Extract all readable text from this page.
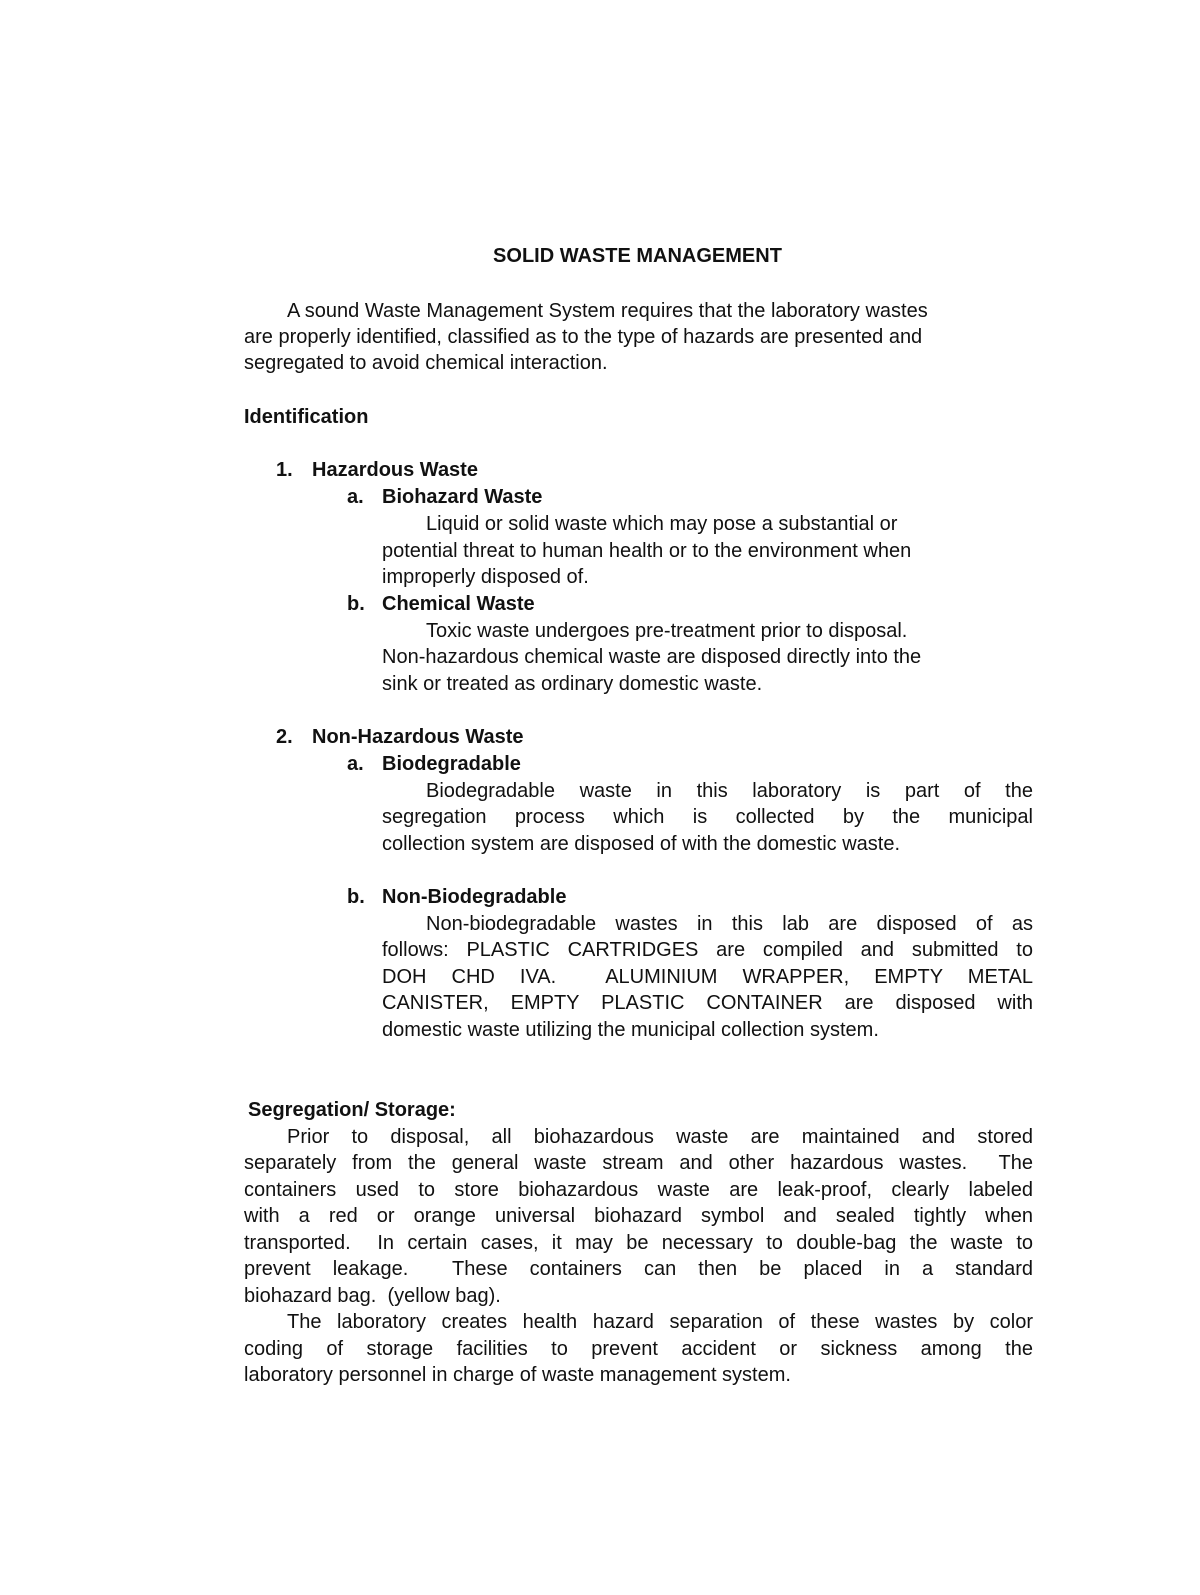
SOLID WASTE MANAGEMENT
A sound Waste Management System requires that the laboratory wastes
are properly identified, classified as to the type of hazards are presented and
segregated to avoid chemical interaction.
Identification
1. Hazardous Waste
a. Biohazard Waste
Liquid or solid waste which may pose a substantial or
potential threat to human health or to the environment when
improperly disposed of.
b. Chemical Waste
Toxic waste undergoes pre-treatment prior to disposal.
Non-hazardous chemical waste are disposed directly into the
sink or treated as ordinary domestic waste.
2. Non-Hazardous Waste
a. Biodegradable
Biodegradable waste in this laboratory is part of the
segregation process which is collected by the municipal
collection system are disposed of with the domestic waste.
b. Non-Biodegradable
Non-biodegradable wastes in this lab are disposed of as
follows: PLASTIC CARTRIDGES are compiled and submitted to
DOH CHD IVA.  ALUMINIUM WRAPPER, EMPTY METAL
CANISTER, EMPTY PLASTIC CONTAINER are disposed with
domestic waste utilizing the municipal collection system.
Segregation/ Storage:
Prior to disposal, all biohazardous waste are maintained and stored
separately from the general waste stream and other hazardous wastes.  The
containers used to store biohazardous waste are leak-proof, clearly labeled
with a red or orange universal biohazard symbol and sealed tightly when
transported.  In certain cases, it may be necessary to double-bag the waste to
prevent leakage.  These containers can then be placed in a standard
biohazard bag.  (yellow bag).
The laboratory creates health hazard separation of these wastes by color
coding of storage facilities to prevent accident or sickness among the
laboratory personnel in charge of waste management system.
